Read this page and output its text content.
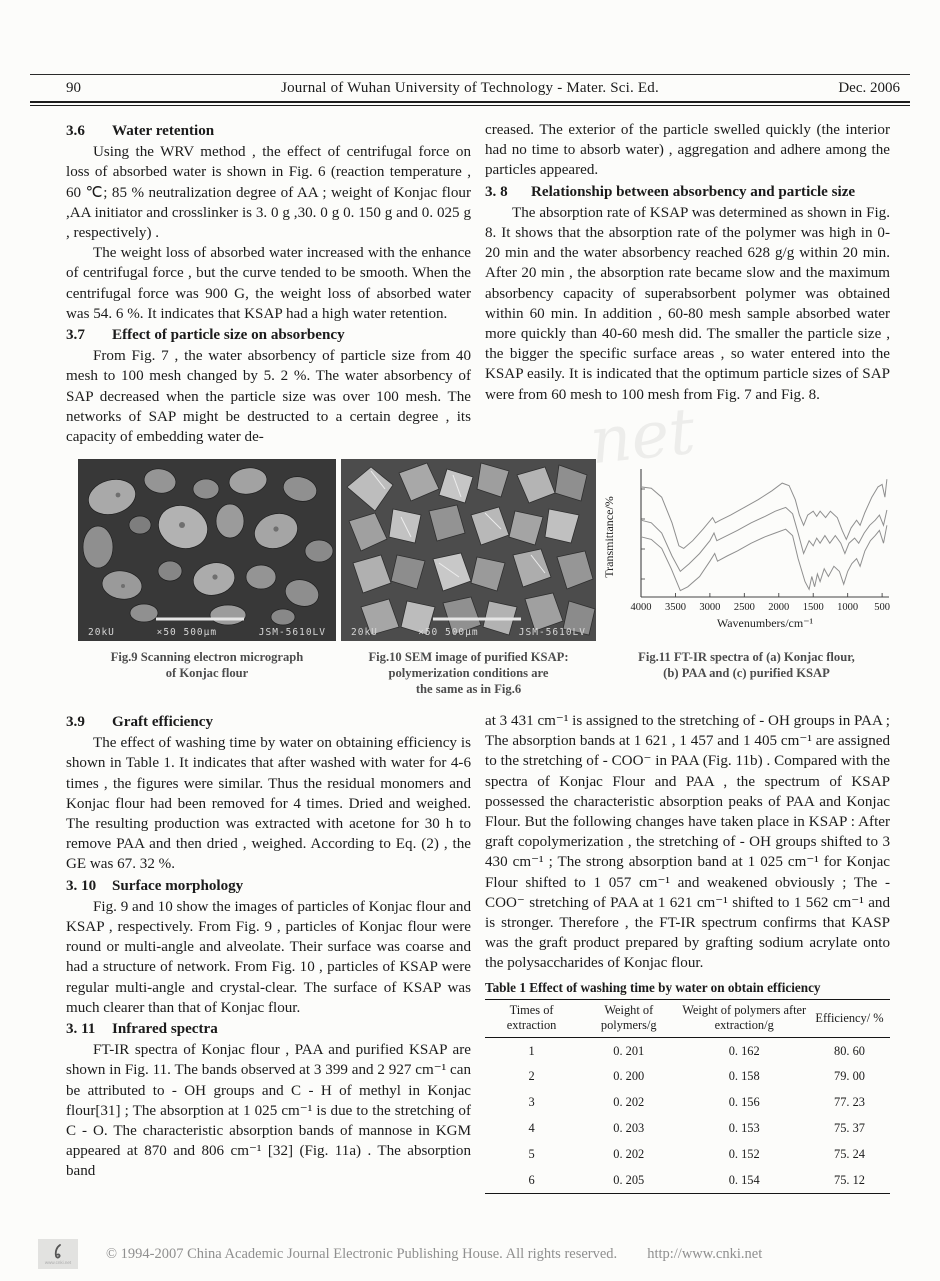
90	Journal of Wuhan University of Technology - Mater. Sci. Ed.	Dec. 2006
3.6	Water retention

Using the WRV method , the effect of centrifugal force on loss of absorbed water is shown in Fig. 6 (reaction temperature , 60 ℃; 85 % neutralization degree of AA ; weight of Konjac flour ,AA initiator and crosslinker is 3. 0 g ,30. 0 g 0. 150 g and 0. 025 g , respectively) .

The weight loss of absorbed water increased with the enhance of centrifugal force , but the curve tended to be smooth. When the centrifugal force was 900 G, the weight loss of absorbed water was 54. 6 %. It indicates that KSAP had a high water retention.

3.7	Effect of particle size on absorbency

From Fig. 7 , the water absorbency of particle size from 40 mesh to 100 mesh changed by 5. 2 %. The water absorbency of SAP decreased when the particle size was over 100 mesh. The networks of SAP might be destructed to a certain degree , its capacity of embedding water de-

creased. The exterior of the particle swelled quickly (the interior had no time to absorb water) , aggregation and adhere among the particles appeared.

3. 8	Relationship between absorbency and particle size

The absorption rate of KSAP was determined as shown in Fig. 8. It shows that the absorption rate of the polymer was high in 0-20 min and the water absorbency reached 628 g/g within 20 min. After 20 min , the absorption rate became slow and the maximum absorbency capacity of superabsorbent polymer was obtained within 60 min. In addition , 60-80 mesh sample absorbed water more quickly than 40-60 mesh did. The smaller the particle size , the bigger the specific surface areas , so water entered into the KSAP easily. It is indicated that the optimum particle sizes of SAP were from 60 mesh to 100 mesh from Fig. 7 and Fig. 8.

20kU	×50 500μm	JSM-5610LV	20kU	×50 500μm	JSM-5610LV
Wavenumbers/cm⁻¹
Transmittance/%
4000 3500 3000 2500 2000 1500 1000 500
Fig.9 Scanning electron micrograph
of Konjac flour
Fig.10 SEM image of purified KSAP:
polymerization conditions are
the same as in Fig.6
Fig.11 FT-IR spectra of (a) Konjac flour,
(b) PAA and (c) purified KSAP
3.9	Graft efficiency

The effect of washing time by water on obtaining efficiency is shown in Table 1. It indicates that after washed with water for 4-6 times , the figures were similar. Thus the residual monomers and Konjac flour had been removed for 4 times. Dried and weighed. The resulting production was extracted with acetone for 30 h to remove PAA and then dried , weighed. According to Eq. (2) , the GE was 67. 32 %.

3. 10	Surface morphology

Fig. 9 and 10 show the images of particles of Konjac flour and KSAP , respectively. From Fig. 9 , particles of Konjac flour were round or multi-angle and alveolate. Their surface was coarse and had a structure of network. From Fig. 10 , particles of KSAP were regular multi-angle and crystal-clear. The surface of KSAP was much clearer than that of Konjac flour.

3. 11	Infrared spectra

FT-IR spectra of Konjac flour , PAA and purified KSAP are shown in Fig. 11. The bands observed at 3 399 and 2 927 cm⁻¹ can be attributed to - OH groups and C - H of methyl in Konjac flour[31] ; The absorption at 1 025 cm⁻¹ is due to the stretching of C - O. The characteristic absorption bands of mannose in KGM appeared at 870 and 806 cm⁻¹ [32] (Fig. 11a) . The absorption band

at 3 431 cm⁻¹ is assigned to the stretching of - OH groups in PAA ; The absorption bands at 1 621 , 1 457 and 1 405 cm⁻¹ are assigned to the stretching of - COO⁻ in PAA (Fig. 11b) . Compared with the spectra of Konjac Flour and PAA , the spectrum of KSAP possessed the characteristic absorption peaks of PAA and Konjac Flour. But the following changes have taken place in KSAP : After graft copolymerization , the stretching of - OH groups shifted to 3 430 cm⁻¹ ; The strong absorption band at 1 025 cm⁻¹ for Konjac Flour shifted to 1 057 cm⁻¹ and weakened obviously ; The - COO⁻ stretching of PAA at 1 621 cm⁻¹ shifted to 1 562 cm⁻¹ and is stronger. Therefore , the FT-IR spectrum confirms that KASP was the graft product prepared by grafting sodium acrylate onto the polysaccharides of Konjac flour.

Table 1 Effect of washing time by water on obtain efficiency
Times of extraction	Weight of polymers/g	Weight of polymers after extraction/g	Efficiency/ %
1	0. 201	0. 162	80. 60
2	0. 200	0. 158	79. 00
3	0. 202	0. 156	77. 23
4	0. 203	0. 153	75. 37
5	0. 202	0. 152	75. 24
6	0. 205	0. 154	75. 12
net
www.cnki.net
© 1994-2007 China Academic Journal Electronic Publishing House. All rights reserved. http://www.cnki.net
